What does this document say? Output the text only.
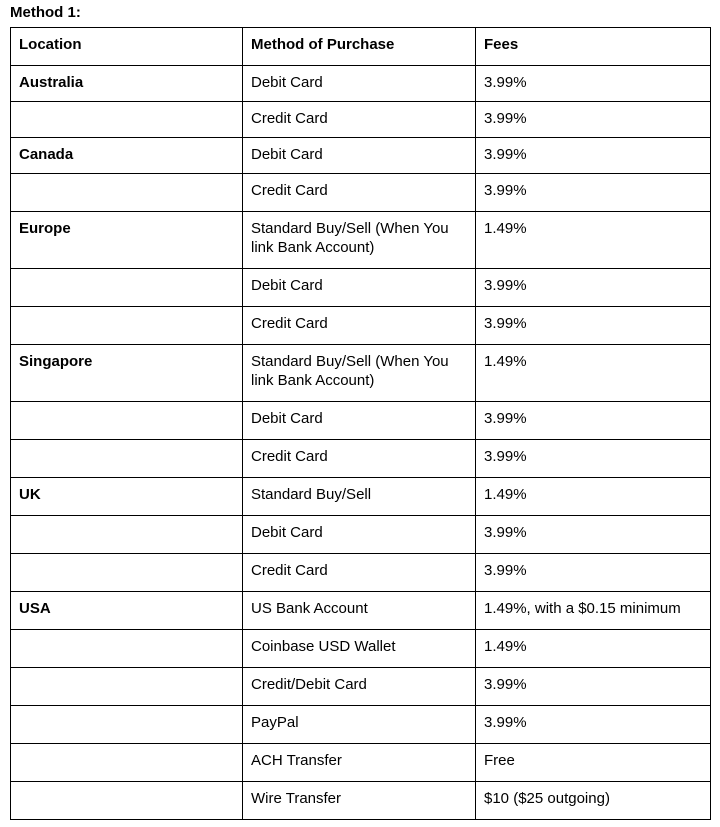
Method 1:
Location	Method of Purchase	Fees
Australia	Debit Card	3.99%
	Credit Card	3.99%
Canada	Debit Card	3.99%
	Credit Card	3.99%
Europe	Standard Buy/Sell (When You link Bank Account)	1.49%
	Debit Card	3.99%
	Credit Card	3.99%
Singapore	Standard Buy/Sell (When You link Bank Account)	1.49%
	Debit Card	3.99%
	Credit Card	3.99%
UK	Standard Buy/Sell	1.49%
	Debit Card	3.99%
	Credit Card	3.99%
USA	US Bank Account	1.49%, with a $0.15 minimum
	Coinbase USD Wallet	1.49%
	Credit/Debit Card	3.99%
	PayPal	3.99%
	ACH Transfer	Free
	Wire Transfer	$10 ($25 outgoing)
